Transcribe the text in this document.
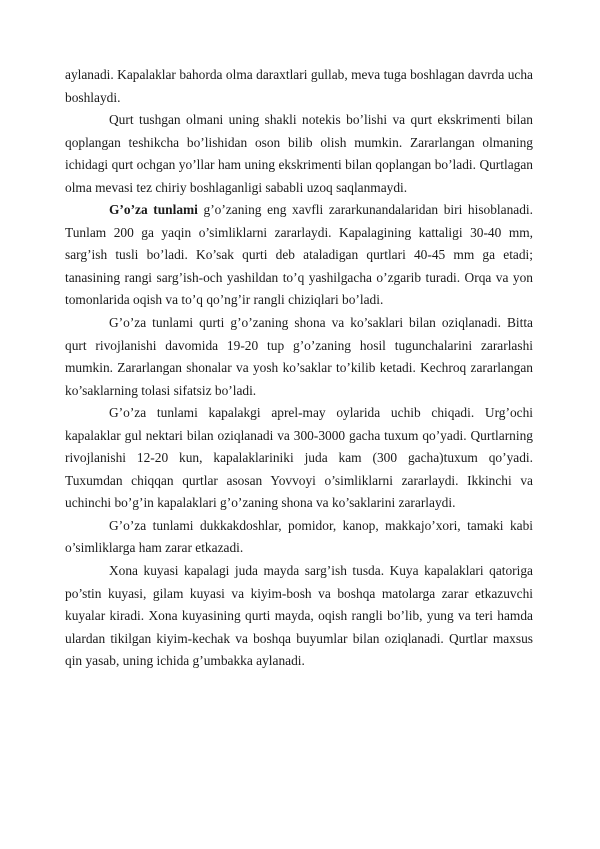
aylanadi. Kapalaklar bahorda olma daraxtlari gullab, meva tuga boshlagan davrda ucha boshlaydi.

Qurt tushgan olmani uning shakli notekis bo’lishi va qurt ekskrimenti bilan qoplangan teshikcha bo’lishidan oson bilib olish mumkin. Zararlangan olmaning ichidagi qurt ochgan yo’llar ham uning ekskrimenti bilan qoplangan bo’ladi. Qurtlagan olma mevasi tez chiriy boshlaganligi sababli uzoq saqlanmaydi.

G’o’za tunlami g’o’zaning eng xavfli zararkunandalaridan biri hisoblanadi. Tunlam 200 ga yaqin o’simliklarni zararlaydi. Kapalagining kattaligi 30-40 mm, sarg’ish tusli bo’ladi. Ko’sak qurti deb ataladigan qurtlari 40-45 mm ga etadi; tanasining rangi sarg’ish-och yashildan to’q yashilgacha o’zgarib turadi. Orqa va yon tomonlarida oqish va to’q qo’ng’ir rangli chiziqlari bo’ladi.

G’o’za tunlami qurti g’o’zaning shona va ko’saklari bilan oziqlanadi. Bitta qurt rivojlanishi davomida 19-20 tup g’o’zaning hosil tugunchalarini zararlashi mumkin. Zararlangan shonalar va yosh ko’saklar to’kilib ketadi. Kechroq zararlangan ko’saklarning tolasi sifatsiz bo’ladi.

G’o’za tunlami kapalakgi aprel-may oylarida uchib chiqadi. Urg’ochi kapalaklar gul nektari bilan oziqlanadi va 300-3000 gacha tuxum qo’yadi. Qurtlarning rivojlanishi 12-20 kun, kapalaklariniki juda kam (300 gacha)tuxum qo’yadi. Tuxumdan chiqqan qurtlar asosan Yovvoyi o’simliklarni zararlaydi. Ikkinchi va uchinchi bo’g’in kapalaklari g’o’zaning shona va ko’saklarini zararlaydi.

G’o’za tunlami dukkakdoshlar, pomidor, kanop, makkajo’xori, tamaki kabi o’simliklarga ham zarar etkazadi.

Xona kuyasi kapalagi juda mayda sarg’ish tusda. Kuya kapalaklari qatoriga po’stin kuyasi, gilam kuyasi va kiyim-bosh va boshqa matolarga zarar etkazuvchi kuyalar kiradi. Xona kuyasining qurti mayda, oqish rangli bo’lib, yung va teri hamda ulardan tikilgan kiyim-kechak va boshqa buyumlar bilan oziqlanadi. Qurtlar maxsus qin yasab, uning ichida g’umbakka aylanadi.
